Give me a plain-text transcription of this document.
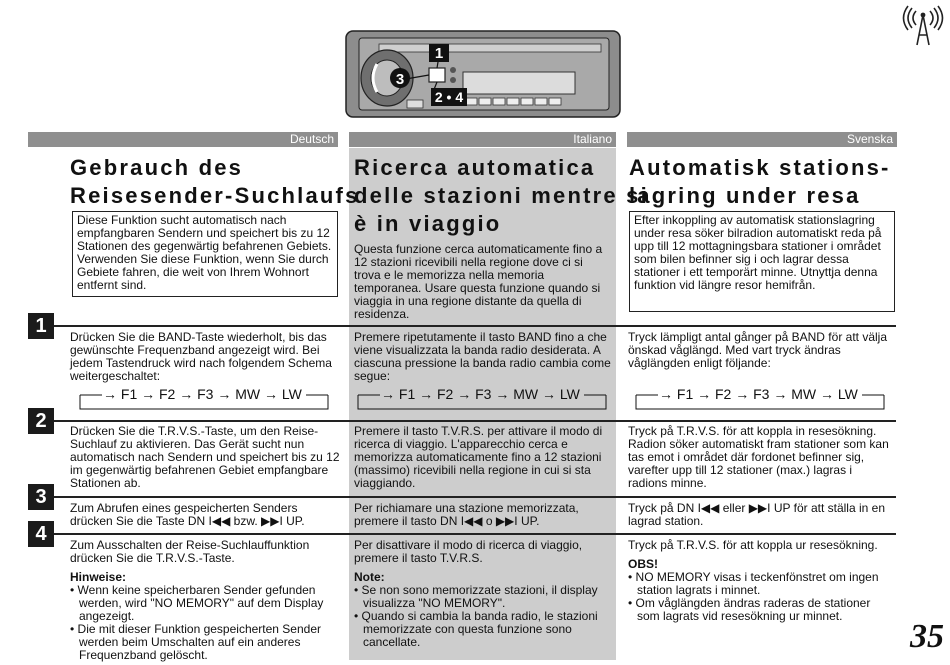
1
3
2 • 4
Deutsch	Italiano	Svenska
Gebrauch des
Reisesender-Suchlaufs
Ricerca automatica
delle stazioni mentre si
è in viaggio
Automatisk stations-
lagring under resa
Diese Funktion sucht automatisch nach empfangbaren Sendern und speichert bis zu 12 Stationen des gegenwärtig befahrenen Gebiets. Verwenden Sie diese Funktion, wenn Sie durch Gebiete fahren, die weit von Ihrem Wohnort entfernt sind.
Questa funzione cerca automaticamente fino a 12 stazioni ricevibili nella regione dove ci si trova e le memorizza nella memoria temporanea. Usare questa funzione quando si viaggia in una regione distante da quella di residenza.
Efter inkoppling av automatisk stationslagring under resa söker bilradion automatiskt reda på upp till 12 mottagningsbara stationer i området som bilen befinner sig i och lagrar dessa stationer i ett temporärt minne. Utnyttja denna funktion vid längre resor hemifrån.
1
2
3
4
Drücken Sie die BAND-Taste wiederholt, bis das gewünschte Frequenzband angezeigt wird. Bei jedem Tastendruck wird nach folgendem Schema weitergeschaltet:
Premere ripetutamente il tasto BAND fino a che viene visualizzata la banda radio desiderata. A ciascuna pressione la banda radio cambia come segue:
Tryck lämpligt antal gånger på BAND för att välja önskad våglängd. Med vart tryck ändras våglängden enligt följande:
→ F1 → F2 → F3 → MW → LW	→ F1 → F2 → F3 → MW → LW	→ F1 → F2 → F3 → MW → LW
Drücken Sie die T.R.V.S.-Taste, um den Reise-Suchlauf zu aktivieren. Das Gerät sucht nun automatisch nach Sendern und speichert bis zu 12 im gegenwärtig befahrenen Gebiet empfangbare Stationen ab.
Premere il tasto T.V.R.S. per attivare il modo di ricerca di viaggio. L'apparecchio cerca e memorizza automaticamente fino a 12 stazioni (massimo) ricevibili nella regione in cui si sta viaggiando.
Tryck på T.R.V.S. för att koppla in resesökning. Radion söker automatiskt fram stationer som kan tas emot i området där fordonet befinner sig, varefter upp till 12 stationer (max.) lagras i radions minne.
Zum Abrufen eines gespeicherten Senders drücken Sie die Taste DN I◀◀ bzw. ▶▶I UP.
Per richiamare una stazione memorizzata, premere il tasto DN I◀◀ o ▶▶I UP.
Tryck på DN I◀◀ eller ▶▶I UP för att ställa in en lagrad station.
Zum Ausschalten der Reise-Suchlauffunktion drücken Sie die T.R.V.S.-Taste.
Hinweise:
• Wenn keine speicherbaren Sender gefunden werden, wird "NO MEMORY" auf dem Display angezeigt.
• Die mit dieser Funktion gespeicherten Sender werden beim Umschalten auf ein anderes Frequenzband gelöscht.
Per disattivare il modo di ricerca di viaggio, premere il tasto T.V.R.S.
Note:
• Se non sono memorizzate stazioni, il display visualizza "NO MEMORY".
• Quando si cambia la banda radio, le stazioni memorizzate con questa funzione sono cancellate.
Tryck på T.R.V.S. för att koppla ur resesökning.
OBS!
• NO MEMORY visas i teckenfönstret om ingen station lagrats i minnet.
• Om våglängden ändras raderas de stationer som lagrats vid resesökning ur minnet.
35
